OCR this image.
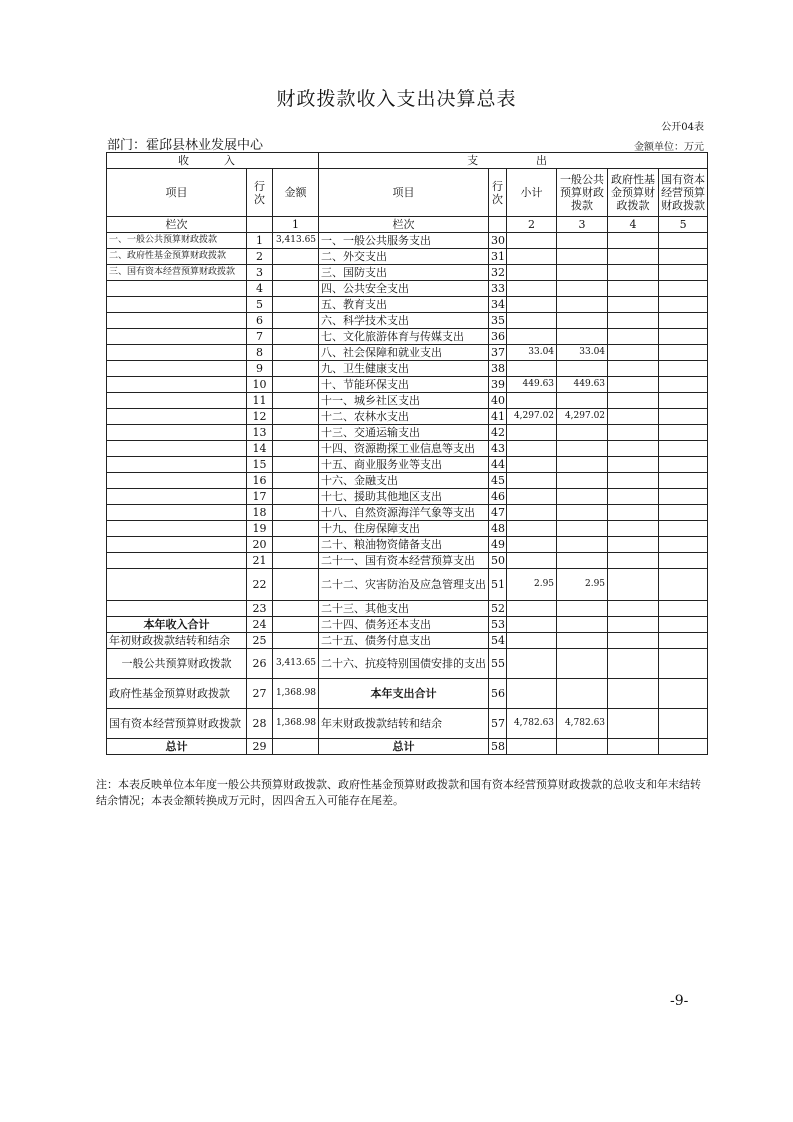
财政拨款收入支出决算总表
公开04表
部门：霍邱县林业发展中心	金额单位：万元
收　入			支　　出					
项目	行次	金额	项目	行次	小计	一般公共预算财政拨款	政府性基金预算财政拨款	国有资本经营预算财政拨款
栏次		1	栏次		2	3	4	5
一、一般公共预算财政拨款	1	3,413.65	一、一般公共服务支出	30				
二、政府性基金预算财政拨款	2		二、外交支出	31				
三、国有资本经营预算财政拨款	3		三、国防支出	32				
	4		四、公共安全支出	33				
	5		五、教育支出	34				
	6		六、科学技术支出	35				
	7		七、文化旅游体育与传媒支出	36				
	8		八、社会保障和就业支出	37	33.04	33.04		
	9		九、卫生健康支出	38				
	10		十、节能环保支出	39	449.63	449.63		
	11		十一、城乡社区支出	40				
	12		十二、农林水支出	41	4,297.02	4,297.02		
	13		十三、交通运输支出	42				
	14		十四、资源勘探工业信息等支出	43				
	15		十五、商业服务业等支出	44				
	16		十六、金融支出	45				
	17		十七、援助其他地区支出	46				
	18		十八、自然资源海洋气象等支出	47				
	19		十九、住房保障支出	48				
	20		二十、粮油物资储备支出	49				
	21		二十一、国有资本经营预算支出	50				
	22		二十二、灾害防治及应急管理支出	51	2.95	2.95		
	23		二十三、其他支出	52				
本年收入合计	24		二十四、债务还本支出	53				
年初财政拨款结转和结余	25		二十五、债务付息支出	54				
一般公共预算财政拨款	26	3,413.65	二十六、抗疫特别国债安排的支出	55				
政府性基金预算财政拨款	27	1,368.98	本年支出合计	56				
国有资本经营预算财政拨款	28	1,368.98	年末财政拨款结转和结余	57	4,782.63	4,782.63		
总计	29		总计	58				
注：本表反映单位本年度一般公共预算财政拨款、政府性基金预算财政拨款和国有资本经营预算财政拨款的总收支和年末结转结余情况；本表金额转换成万元时，因四舍五入可能存在尾差。
-9-
